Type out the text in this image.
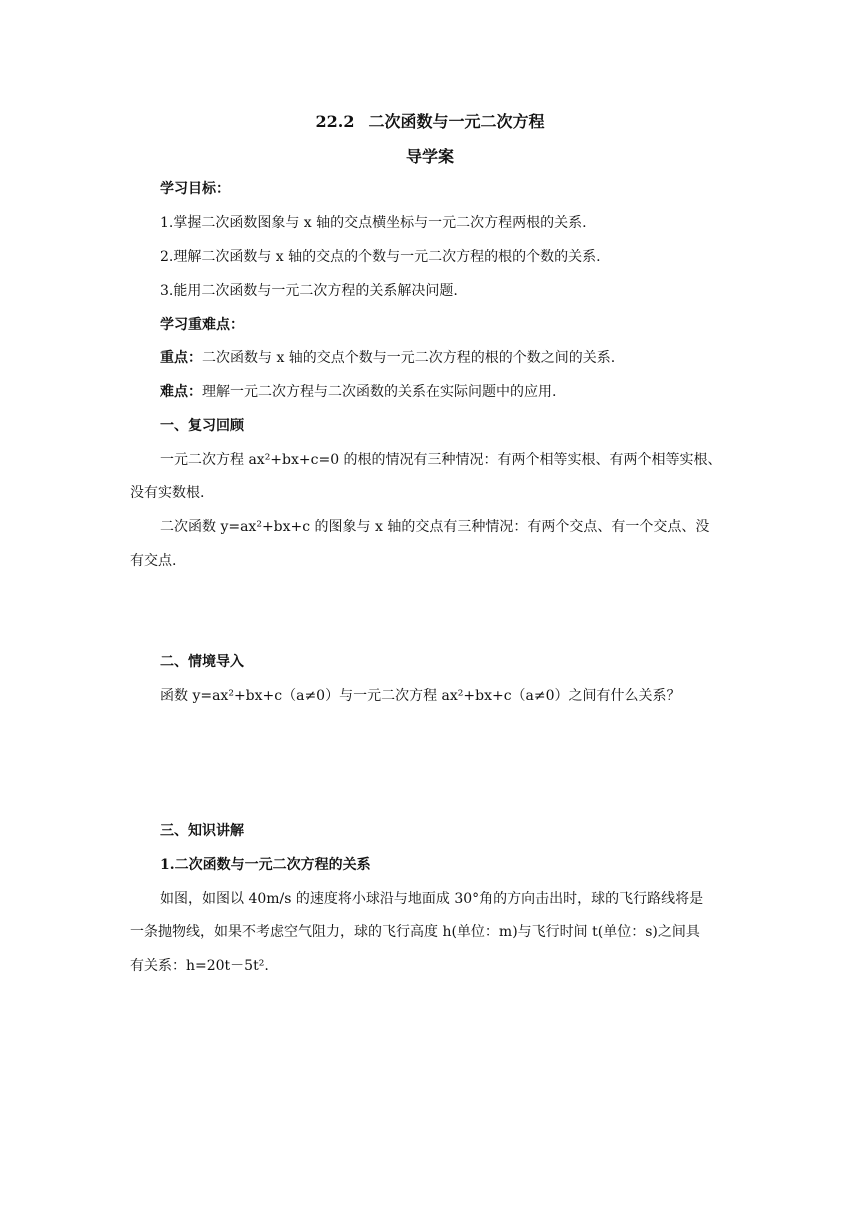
22.2 二次函数与一元二次方程
导学案
学习目标：
1.掌握二次函数图象与 x 轴的交点横坐标与一元二次方程两根的关系.
2.理解二次函数与 x 轴的交点的个数与一元二次方程的根的个数的关系.
3.能用二次函数与一元二次方程的关系解决问题.
学习重难点：
重点：二次函数与 x 轴的交点个数与一元二次方程的根的个数之间的关系.
难点：理解一元二次方程与二次函数的关系在实际问题中的应用.
一、复习回顾
一元二次方程 ax²+bx+c=0 的根的情况有三种情况：有两个相等实根、有两个相等实根、
没有实数根.
二次函数 y=ax²+bx+c 的图象与 x 轴的交点有三种情况：有两个交点、有一个交点、没
有交点.
二、情境导入
函数 y=ax²+bx+c（a≠0）与一元二次方程 ax²+bx+c（a≠0）之间有什么关系？
三、知识讲解
1.二次函数与一元二次方程的关系
如图，如图以 40m/s 的速度将小球沿与地面成 30°角的方向击出时，球的飞行路线将是
一条抛物线，如果不考虑空气阻力，球的飞行高度 h(单位：m)与飞行时间 t(单位：s)之间具
有关系：h=20t－5t².
